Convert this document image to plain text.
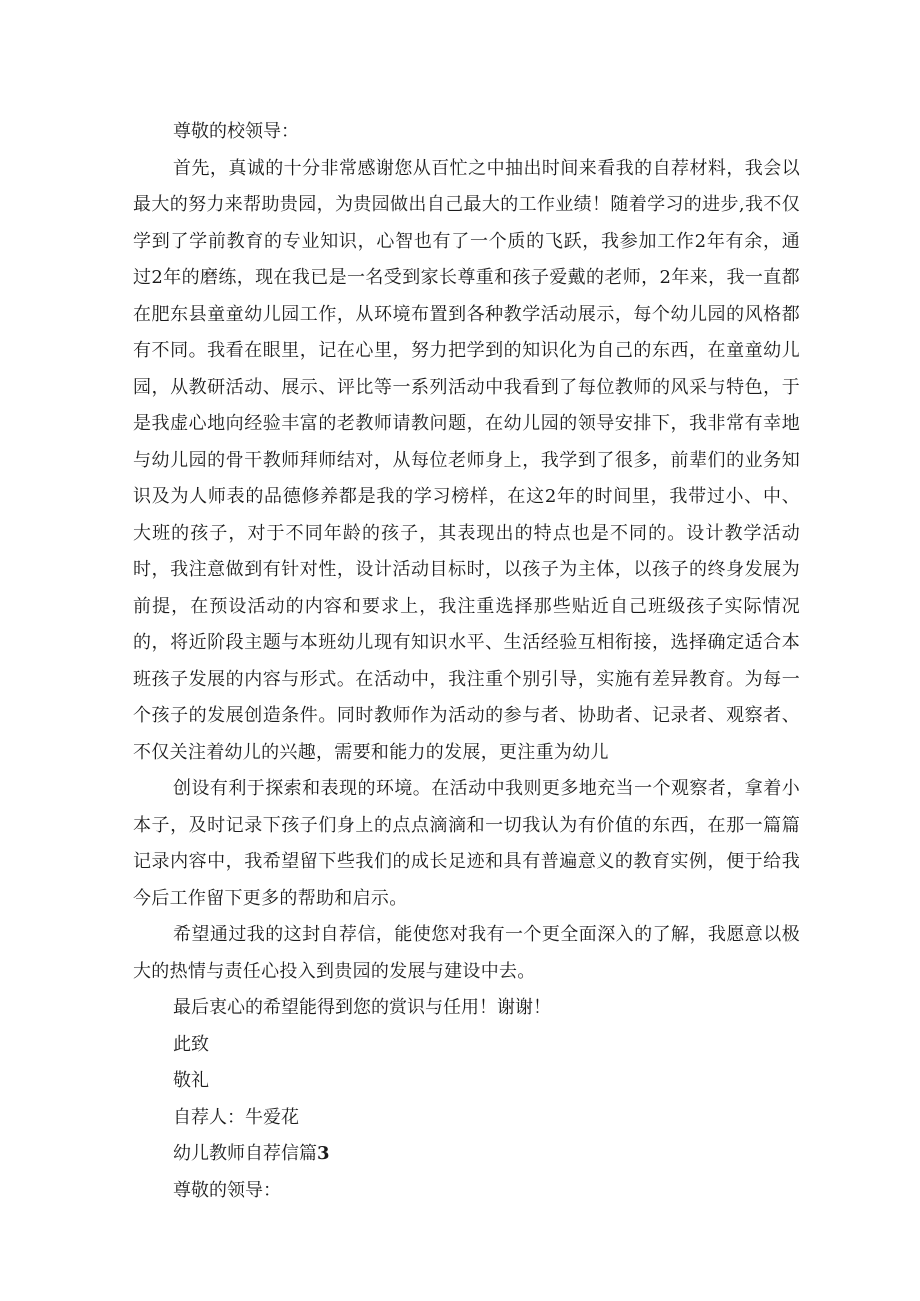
尊敬的校领导：

首先，真诚的十分非常感谢您从百忙之中抽出时间来看我的自荐材料，我会以最大的努力来帮助贵园，为贵园做出自己最大的工作业绩！随着学习的进步,我不仅学到了学前教育的专业知识，心智也有了一个质的飞跃，我参加工作2年有余，通过2年的磨练，现在我已是一名受到家长尊重和孩子爱戴的老师，2年来，我一直都在肥东县童童幼儿园工作，从环境布置到各种教学活动展示，每个幼儿园的风格都有不同。我看在眼里，记在心里，努力把学到的知识化为自己的东西，在童童幼儿园，从教研活动、展示、评比等一系列活动中我看到了每位教师的风采与特色，于是我虚心地向经验丰富的老教师请教问题，在幼儿园的领导安排下，我非常有幸地与幼儿园的骨干教师拜师结对，从每位老师身上，我学到了很多，前辈们的业务知识及为人师表的品德修养都是我的学习榜样，在这2年的时间里，我带过小、中、大班的孩子，对于不同年龄的孩子，其表现出的特点也是不同的。设计教学活动时，我注意做到有针对性，设计活动目标时，以孩子为主体，以孩子的终身发展为前提，在预设活动的内容和要求上，我注重选择那些贴近自己班级孩子实际情况的，将近阶段主题与本班幼儿现有知识水平、生活经验互相衔接，选择确定适合本班孩子发展的内容与形式。在活动中，我注重个别引导，实施有差异教育。为每一个孩子的发展创造条件。同时教师作为活动的参与者、协助者、记录者、观察者、不仅关注着幼儿的兴趣，需要和能力的发展，更注重为幼儿

创设有利于探索和表现的环境。在活动中我则更多地充当一个观察者，拿着小本子，及时记录下孩子们身上的点点滴滴和一切我认为有价值的东西，在那一篇篇记录内容中，我希望留下些我们的成长足迹和具有普遍意义的教育实例，便于给我今后工作留下更多的帮助和启示。

希望通过我的这封自荐信，能使您对我有一个更全面深入的了解，我愿意以极大的热情与责任心投入到贵园的发展与建设中去。

最后衷心的希望能得到您的赏识与任用！谢谢！

此致

敬礼

自荐人：牛爱花

幼儿教师自荐信篇3

尊敬的领导：
